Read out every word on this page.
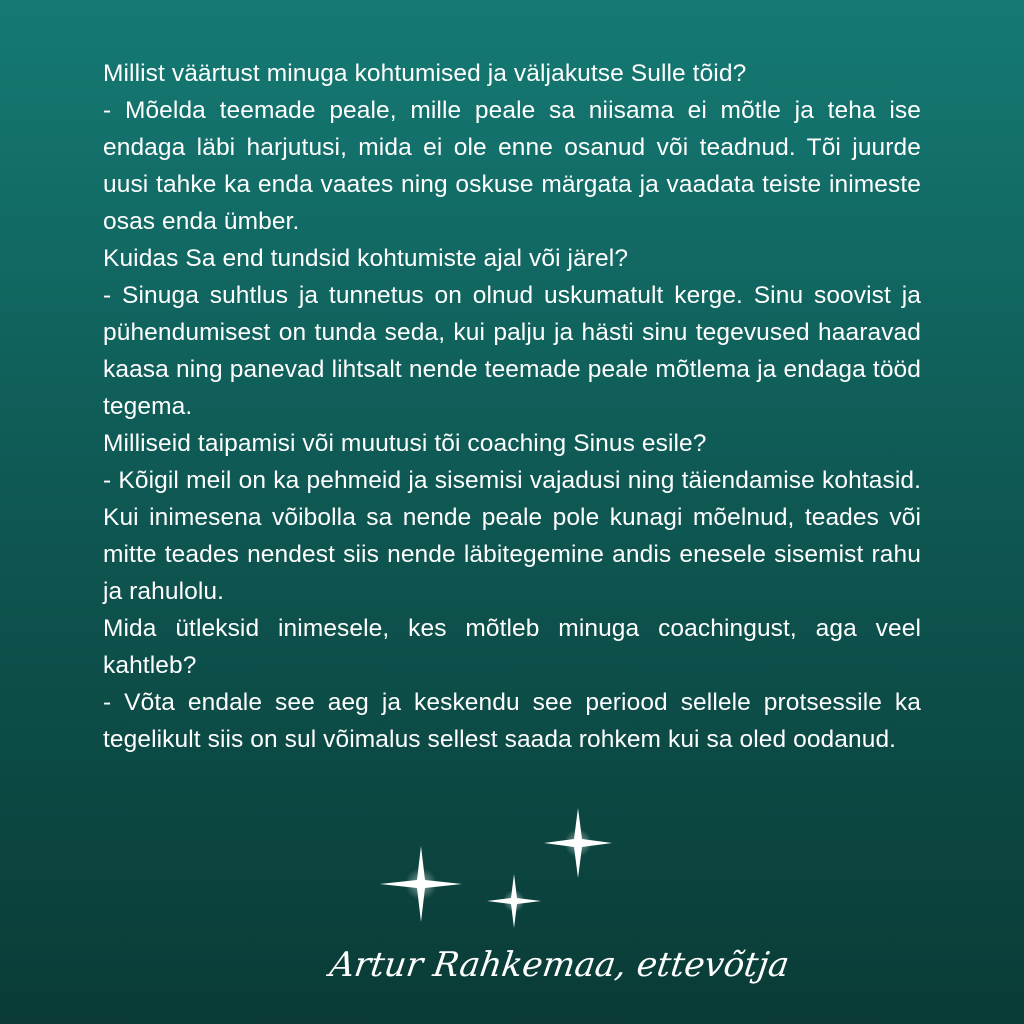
Millist väärtust minuga kohtumised ja väljakutse Sulle tõid?

- Mõelda teemade peale, mille peale sa niisama ei mõtle ja teha ise endaga läbi harjutusi, mida ei ole enne osanud või teadnud. Tõi juurde uusi tahke ka enda vaates ning oskuse märgata ja vaadata teiste inimeste osas enda ümber.

Kuidas Sa end tundsid kohtumiste ajal või järel?

- Sinuga suhtlus ja tunnetus on olnud uskumatult kerge. Sinu soovist ja pühendumisest on tunda seda, kui palju ja hästi sinu tegevused haaravad kaasa ning panevad lihtsalt nende teemade peale mõtlema ja endaga tööd tegema.

Milliseid taipamisi või muutusi tõi coaching Sinus esile?

- Kõigil meil on ka pehmeid ja sisemisi vajadusi ning täiendamise kohtasid. Kui inimesena võibolla sa nende peale pole kunagi mõelnud, teades või mitte teades nendest siis nende läbitegemine andis enesele sisemist rahu ja rahulolu.

Mida ütleksid inimesele, kes mõtleb minuga coachingust, aga veel kahtleb?

- Võta endale see aeg ja keskendu see periood sellele protsessile ka tegelikult siis on sul võimalus sellest saada rohkem kui sa oled oodanud.

Artur Rahkemaa, ettevõtja
